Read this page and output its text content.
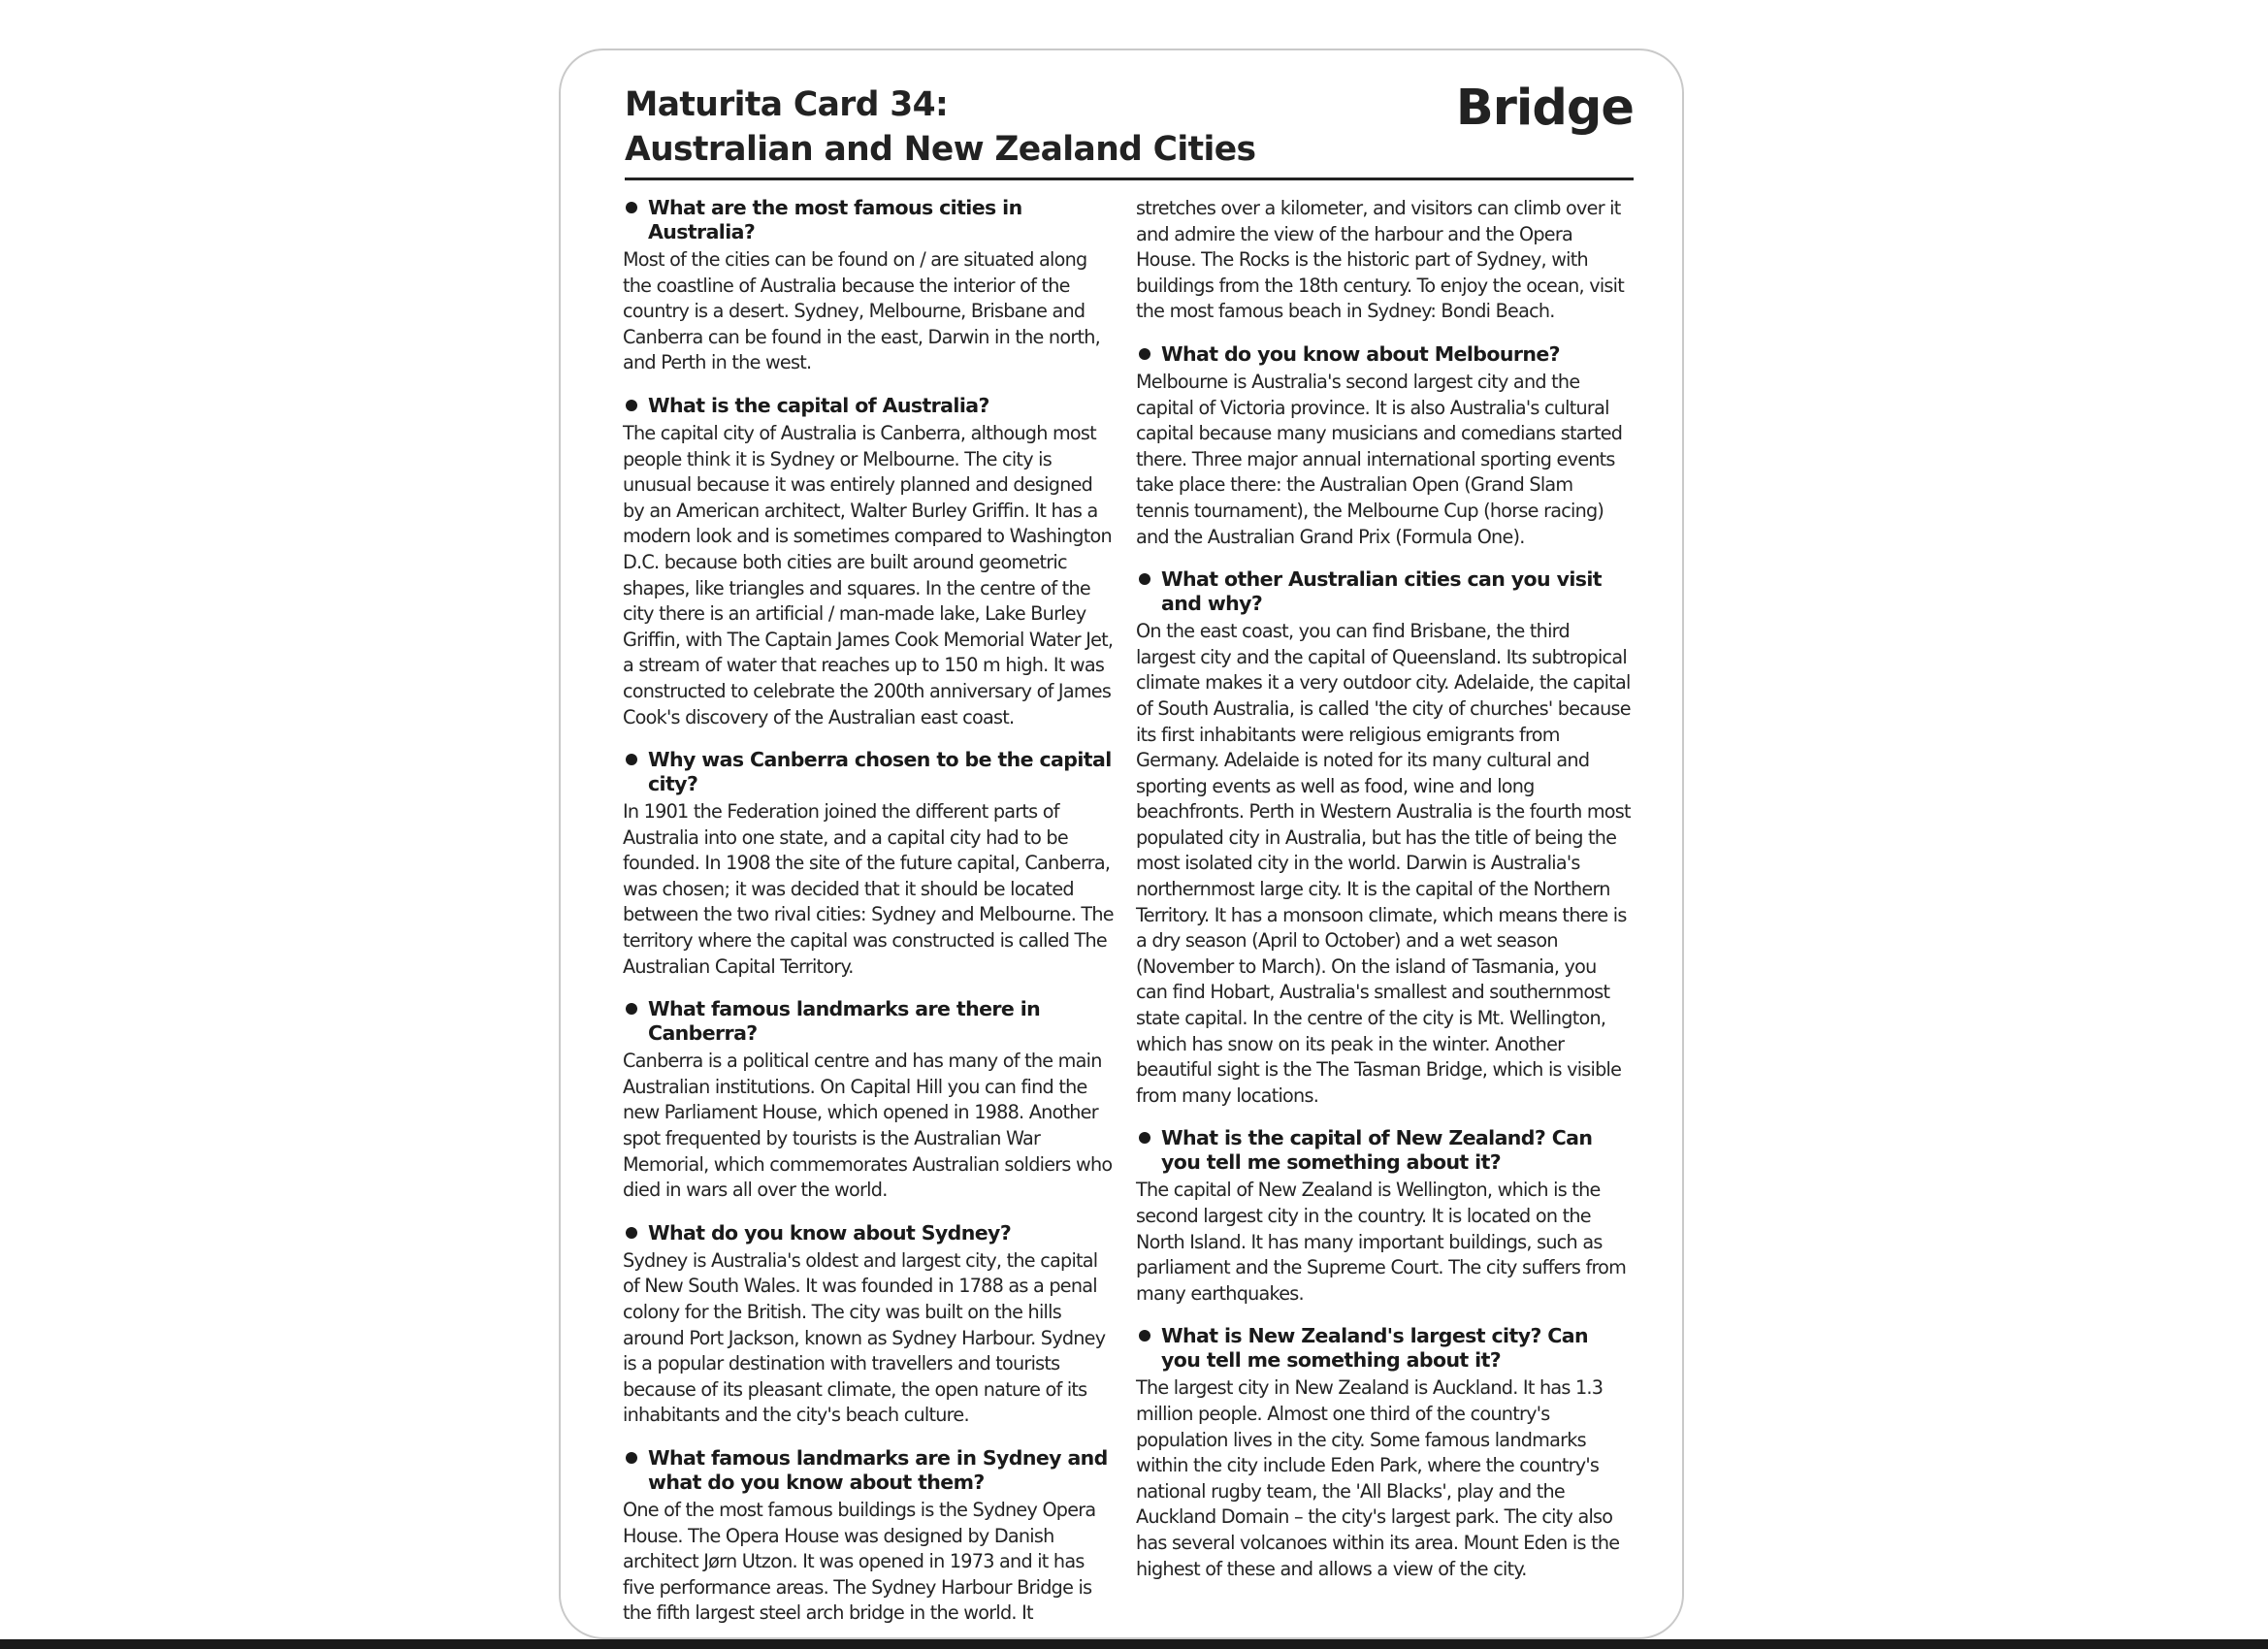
Maturita Card 34:
Australian and New Zealand Cities
Bridge
What are the most famous cities in Australia?

Most of the cities can be found on / are situated along the coastline of Australia because the interior of the country is a desert. Sydney, Melbourne, Brisbane and Canberra can be found in the east, Darwin in the north, and Perth in the west.

What is the capital of Australia?

The capital city of Australia is Canberra, although most people think it is Sydney or Melbourne. The city is unusual because it was entirely planned and designed by an American architect, Walter Burley Griffin. It has a modern look and is sometimes compared to Washington D.C. because both cities are built around geometric shapes, like triangles and squares. In the centre of the city there is an artificial / man-made lake, Lake Burley Griffin, with The Captain James Cook Memorial Water Jet, a stream of water that reaches up to 150 m high. It was constructed to celebrate the 200th anniversary of James Cook's discovery of the Australian east coast.

Why was Canberra chosen to be the capital city?

In 1901 the Federation joined the different parts of Australia into one state, and a capital city had to be founded. In 1908 the site of the future capital, Canberra, was chosen; it was decided that it should be located between the two rival cities: Sydney and Melbourne. The territory where the capital was constructed is called The Australian Capital Territory.

What famous landmarks are there in Canberra?

Canberra is a political centre and has many of the main Australian institutions. On Capital Hill you can find the new Parliament House, which opened in 1988. Another spot frequented by tourists is the Australian War Memorial, which commemorates Australian soldiers who died in wars all over the world.

What do you know about Sydney?

Sydney is Australia's oldest and largest city, the capital of New South Wales. It was founded in 1788 as a penal colony for the British. The city was built on the hills around Port Jackson, known as Sydney Harbour. Sydney is a popular destination with travellers and tourists because of its pleasant climate, the open nature of its inhabitants and the city's beach culture.

What famous landmarks are in Sydney and what do you know about them?

One of the most famous buildings is the Sydney Opera House. The Opera House was designed by Danish architect Jørn Utzon. It was opened in 1973 and it has five performance areas. The Sydney Harbour Bridge is the fifth largest steel arch bridge in the world. It

stretches over a kilometer, and visitors can climb over it and admire the view of the harbour and the Opera House. The Rocks is the historic part of Sydney, with buildings from the 18th century. To enjoy the ocean, visit the most famous beach in Sydney: Bondi Beach.

What do you know about Melbourne?

Melbourne is Australia's second largest city and the capital of Victoria province. It is also Australia's cultural capital because many musicians and comedians started there. Three major annual international sporting events take place there: the Australian Open (Grand Slam tennis tournament), the Melbourne Cup (horse racing) and the Australian Grand Prix (Formula One).

What other Australian cities can you visit and why?

On the east coast, you can find Brisbane, the third largest city and the capital of Queensland. Its subtropical climate makes it a very outdoor city. Adelaide, the capital of South Australia, is called 'the city of churches' because its first inhabitants were religious emigrants from Germany. Adelaide is noted for its many cultural and sporting events as well as food, wine and long beachfronts. Perth in Western Australia is the fourth most populated city in Australia, but has the title of being the most isolated city in the world. Darwin is Australia's northernmost large city. It is the capital of the Northern Territory. It has a monsoon climate, which means there is a dry season (April to October) and a wet season (November to March). On the island of Tasmania, you can find Hobart, Australia's smallest and southernmost state capital. In the centre of the city is Mt. Wellington, which has snow on its peak in the winter. Another beautiful sight is the The Tasman Bridge, which is visible from many locations.

What is the capital of New Zealand? Can you tell me something about it?

The capital of New Zealand is Wellington, which is the second largest city in the country. It is located on the North Island. It has many important buildings, such as parliament and the Supreme Court. The city suffers from many earthquakes.

What is New Zealand's largest city? Can you tell me something about it?

The largest city in New Zealand is Auckland. It has 1.3 million people. Almost one third of the country's population lives in the city. Some famous landmarks within the city include Eden Park, where the country's national rugby team, the 'All Blacks', play and the Auckland Domain – the city's largest park. The city also has several volcanoes within its area. Mount Eden is the highest of these and allows a view of the city.
